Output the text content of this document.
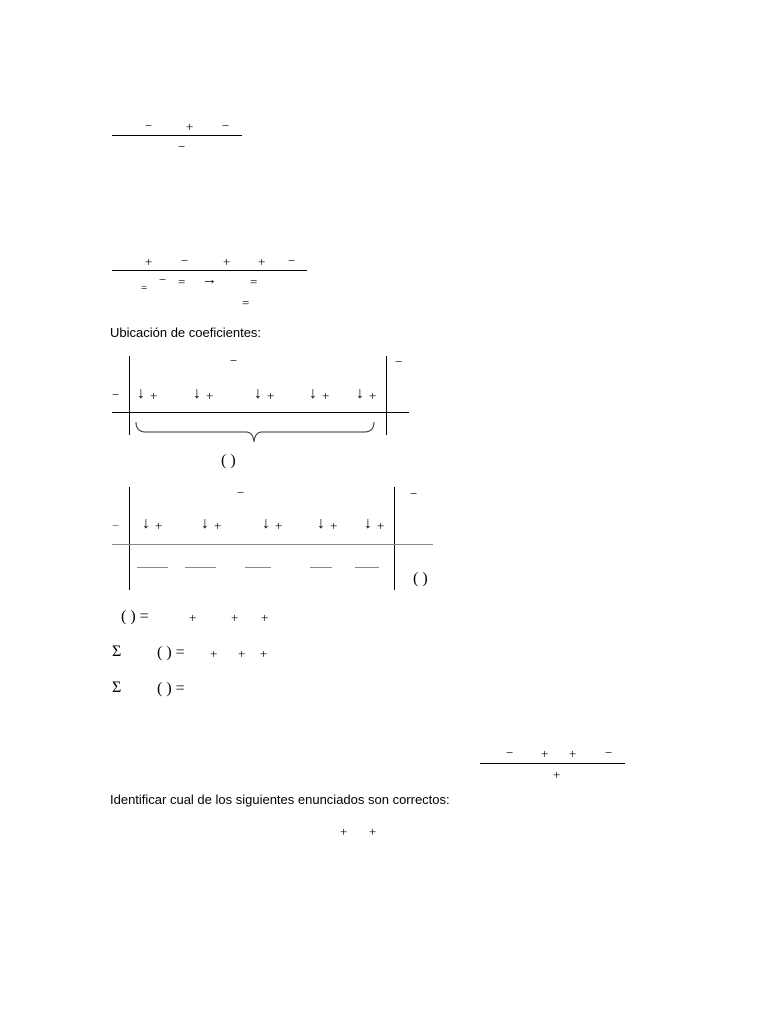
−	+ −
−
+ −	+ + −
=
− = →	=
=
Ubicación de coeficientes:
−	−
− ↓ + ↓ +	↓ + ↓ + ↓ +
( )
−	−
− ↓ + ↓ +	↓ + ↓ + ↓ +
( )
( ) =	+	+ +
Σ ( ) = + + +
Σ ( ) =
− + + −
+
Identificar cual de los siguientes enunciados son correctos:
+ +
